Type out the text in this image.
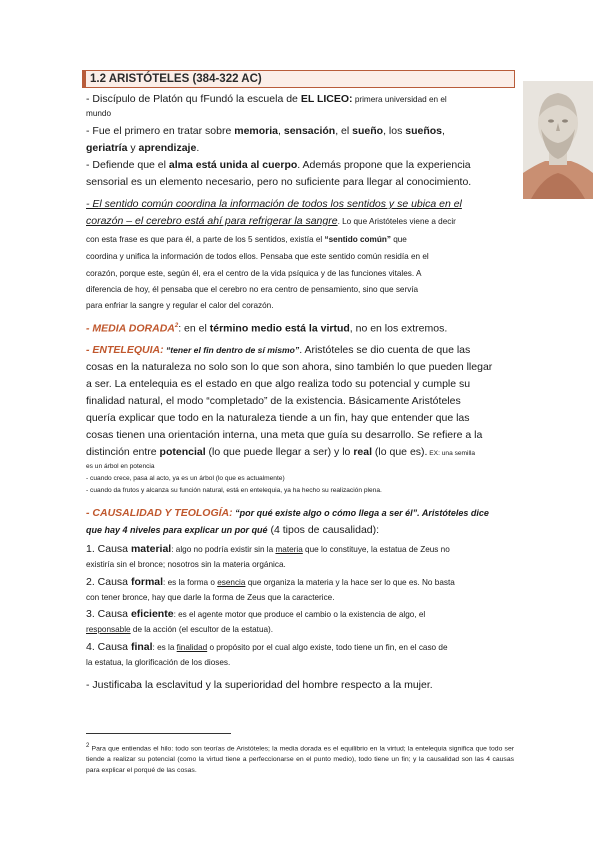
1.2 ARISTÓTELES (384-322 AC)
- Discípulo de Platón qu fFundó la escuela de EL LICEO: primera universidad en el
mundo
- Fue el primero en tratar sobre memoria, sensación, el sueño, los sueños,
geriatría y aprendizaje.
- Defiende que el alma está unida al cuerpo. Además propone que la experiencia
sensorial es un elemento necesario, pero no suficiente para llegar al conocimiento.
- El sentido común coordina la información de todos los sentidos y se ubica en el
corazón – el cerebro está ahí para refrigerar la sangre. Lo que Aristóteles viene a decir
con esta frase es que para él, a parte de los 5 sentidos, existía el “sentido común” que
coordina y unifica la información de todos ellos. Pensaba que este sentido común residía en el
corazón, porque este, según él, era el centro de la vida psíquica y de las funciones vitales. A
diferencia de hoy, él pensaba que el cerebro no era centro de pensamiento, sino que servía
para enfriar la sangre y regular el calor del corazón.
- MEDIA DORADA$^2$: en el término medio está la virtud, no en los extremos.
- ENTELEQUIA: “tener el fin dentro de sí mismo”. Aristóteles se dio cuenta de que las
cosas en la naturaleza no solo son lo que son ahora, sino también lo que pueden llegar
a ser. La entelequia es el estado en que algo realiza todo su potencial y cumple su
finalidad natural, el modo “completado” de la existencia. Básicamente Aristóteles
quería explicar que todo en la naturaleza tiende a un fin, hay que entender que las
cosas tienen una orientación interna, una meta que guía su desarrollo. Se refiere a la
distinción entre potencial (lo que puede llegar a ser) y lo real (lo que es). EX: una semilla
es un árbol en potencia
- cuando crece, pasa al acto, ya es un árbol (lo que es actualmente)
- cuando da frutos y alcanza su función natural, está en entelequia, ya ha hecho su realización plena.
- CAUSALIDAD Y TEOLOGÍA: “por qué existe algo o cómo llega a ser él”. Aristóteles dice
que hay 4 niveles para explicar un por qué (4 tipos de causalidad):
1. Causa material: algo no podría existir sin la materia que lo constituye, la estatua de Zeus no
existiría sin el bronce; nosotros sin la materia orgánica.
2. Causa formal: es la forma o esencia que organiza la materia y la hace ser lo que es. No basta
con tener bronce, hay que darle la forma de Zeus que la caracterice.
3. Causa eficiente: es el agente motor que produce el cambio o la existencia de algo, el
responsable de la acción (el escultor de la estatua).
4. Causa final: es la finalidad o propósito por el cual algo existe, todo tiene un fin, en el caso de
la estatua, la glorificación de los dioses.
- Justificaba la esclavitud y la superioridad del hombre respecto a la mujer.
$^2$ Para que entiendas el hilo: todo son teorías de Aristóteles; la media dorada es el equilibrio en la virtud; la entelequia significa que todo ser tiende a realizar su potencial (como la virtud tiene a perfeccionarse en el punto medio), todo tiene un fin; y la causalidad son las 4 causas para explicar el porqué de las cosas.
